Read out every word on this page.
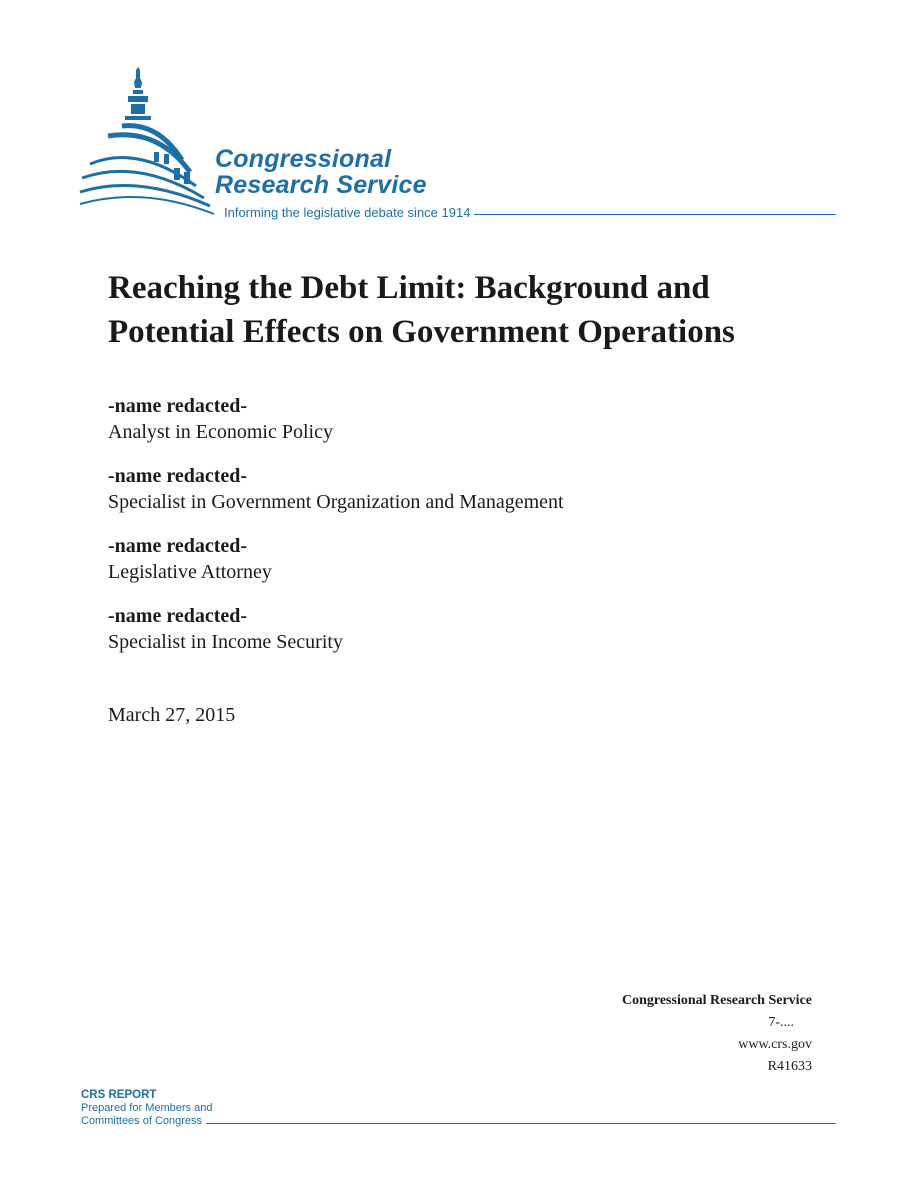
Congressional
Research Service
Informing the legislative debate since 1914
Reaching the Debt Limit: Background and Potential Effects on Government Operations
-name redacted-
Analyst in Economic Policy
-name redacted-
Specialist in Government Organization and Management
-name redacted-
Legislative Attorney
-name redacted-
Specialist in Income Security
March 27, 2015
Congressional Research Service
7-....
www.crs.gov
R41633
CRS REPORT
Prepared for Members and
Committees of Congress
